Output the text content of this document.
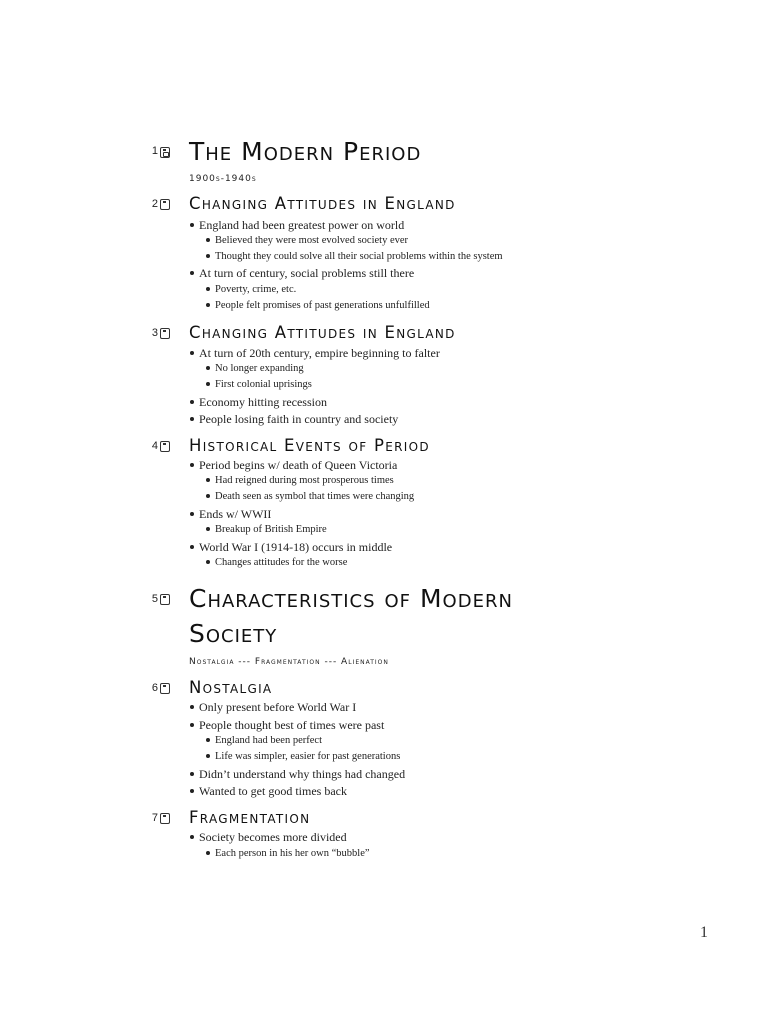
1 The Modern Period
1900s-1940s
2 Changing Attitudes in England
England had been greatest power on world
Believed they were most evolved society ever
Thought they could solve all their social problems within the system
At turn of century, social problems still there
Poverty, crime, etc.
People felt promises of past generations unfulfilled
3 Changing Attitudes in England
At turn of 20th century, empire beginning to falter
No longer expanding
First colonial uprisings
Economy hitting recession
People losing faith in country and society
4 Historical Events of Period
Period begins w/ death of Queen Victoria
Had reigned during most prosperous times
Death seen as symbol that times were changing
Ends w/ WWII
Breakup of British Empire
World War I (1914-18) occurs in middle
Changes attitudes for the worse
5 Characteristics of Modern
Society
Nostalgia --- Fragmentation --- Alienation
6 Nostalgia
Only present before World War I
People thought best of times were past
England had been perfect
Life was simpler, easier for past generations
Didn’t understand why things had changed
Wanted to get good times back
7 Fragmentation
Society becomes more divided
Each person in his her own “bubble”
1
